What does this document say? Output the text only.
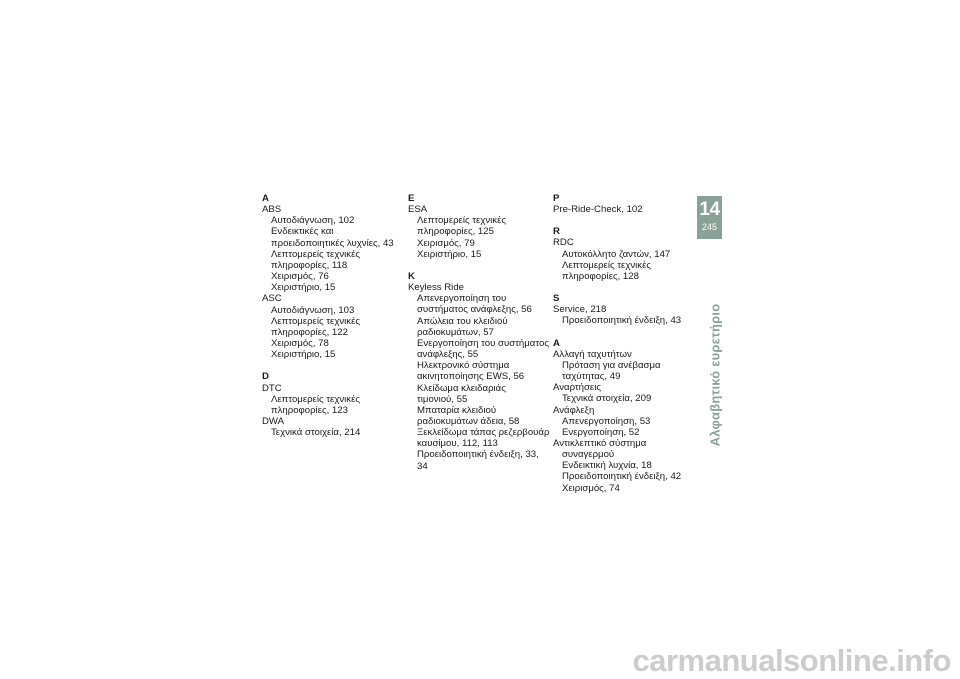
A
ABS
Αυτοδιάγνωση, 102
Ενδεικτικές και
προειδοποιητικές λυχνίες, 43
Λεπτομερείς τεχνικές
πληροφορίες, 118
Χειρισμός, 76
Χειριστήριο, 15
ASC
Αυτοδιάγνωση, 103
Λεπτομερείς τεχνικές
πληροφορίες, 122
Χειρισμός, 78
Χειριστήριο, 15
D
DTC
Λεπτομερείς τεχνικές
πληροφορίες, 123
DWA
Τεχνικά στοιχεία, 214
E
ESA
Λεπτομερείς τεχνικές
πληροφορίες, 125
Χειρισμός, 79
Χειριστήριο, 15
K
Keyless Ride
Απενεργοποίηση του
συστήματος ανάφλεξης, 56
Απώλεια του κλειδιού
ραδιοκυμάτων, 57
Ενεργοποίηση του συστήματος
ανάφλεξης, 55
Ηλεκτρονικό σύστημα
ακινητοποίησης EWS, 56
Κλείδωμα κλειδαριάς
τιμονιού, 55
Μπαταρία κλειδιού
ραδιοκυμάτων άδεια, 58
Ξεκλείδωμα τάπας ρεζερβουάρ
καυσίμου, 112, 113
Προειδοποιητική ένδειξη, 33,
34
P
Pre-Ride-Check, 102
R
RDC
Αυτοκόλλητο ζαντών, 147
Λεπτομερείς τεχνικές
πληροφορίες, 128
S
Service, 218
Προειδοποιητική ένδειξη, 43
Α
Αλλαγή ταχυτήτων
Πρόταση για ανέβασμα
ταχύτητας, 49
Αναρτήσεις
Τεχνικά στοιχεία, 209
Ανάφλεξη
Απενεργοποίηση, 53
Ενεργοποίηση, 52
Αντικλεπτικό σύστημα
συναγερμού
Ενδεικτική λυχνία, 18
Προειδοποιητική ένδειξη, 42
Χειρισμός, 74
14
245
Αλφαβητικό ευρετήριο
carmanualsonline.info
